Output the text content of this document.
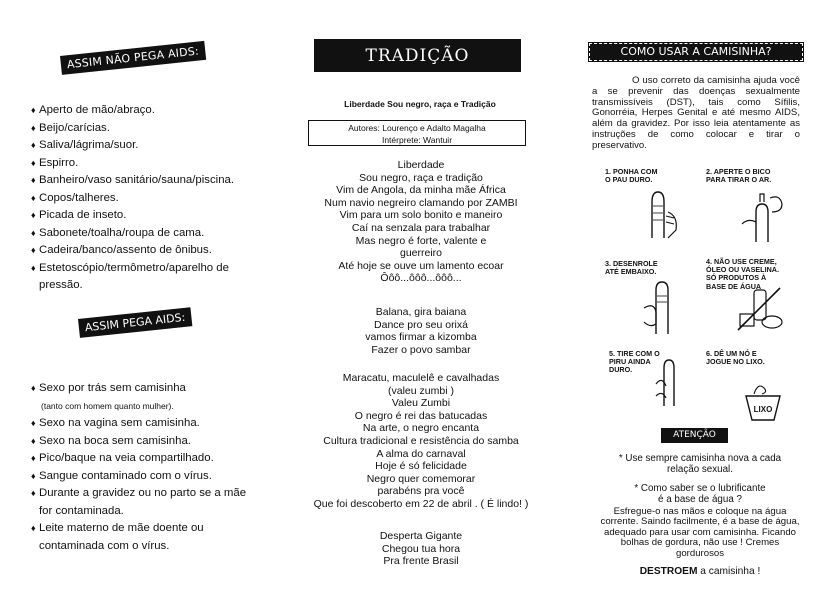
ASSIM NÃO PEGA AIDS:
♦ Aperto de mão/abraço.
♦ Beijo/carícias.
♦ Saliva/lágrima/suor.
♦ Espirro.
♦ Banheiro/vaso sanitário/sauna/piscina.
♦ Copos/talheres.
♦ Picada de inseto.
♦ Sabonete/toalha/roupa de cama.
♦ Cadeira/banco/assento de ônibus.
♦ Estetoscópio/termômetro/aparelho de
pressão.
ASSIM PEGA AIDS:
♦ Sexo por trás sem camisinha
(tanto com homem quanto mulher).
♦ Sexo na vagina sem camisinha.
♦ Sexo na boca sem camisinha.
♦ Pico/baque na veia compartilhado.
♦ Sangue contaminado com o vírus.
♦ Durante a gravidez ou no parto se a mãe
for contaminada.
♦ Leite materno de mãe doente ou
contaminada com o vírus.
TRADIÇÃO
Liberdade Sou negro, raça e Tradição
Autores: Lourenço e Adalto Magalha
Intérprete: Wantuir
Liberdade
Sou negro, raça e tradição
Vim de Angola, da minha mãe África
Num navio negreiro clamando por ZAMBI
Vim para um solo bonito e maneiro
Caí na senzala para trabalhar
Mas negro é forte, valente e
guerreiro
Até hoje se ouve um lamento ecoar
Ôôô...ôôô...ôôô...
Balana, gira baiana
Dance pro seu orixá
vamos firmar a kizomba
Fazer o povo sambar
Maracatu, maculelê e cavalhadas
(valeu zumbi )
Valeu Zumbi
O negro é rei das batucadas
Na arte, o negro encanta
Cultura tradicional e resistência do samba
A alma do carnaval
Hoje é só felicidade
Negro quer comemorar
parabéns pra você
Que foi descoberto em 22 de abril . ( É lindo! )
Desperta Gigante
Chegou tua hora
Pra frente Brasil
COMO USAR A CAMISINHA?
O uso correto da camisinha ajuda você a se prevenir das doenças sexualmente transmissíveis (DST), tais como Sífilis, Gonorréia, Herpes Genital e até mesmo AIDS, além da gravidez. Por isso leia atentamente as instruções de como colocar e tirar o preservativo.
1. PONHA COM O PAU DURO.
2. APERTE O BICO PARA TIRAR O AR.
3. DESENROLE ATÉ EMBAIXO.
4. NÃO USE CREME, ÓLEO OU VASELINA. SÓ PRODUTOS À BASE DE ÁGUA
5. TIRE COM O PIRU AINDA DURO.
6. DÊ UM NÓ E JOGUE NO LIXO.
LIXO
ATENÇÃO
* Use sempre camisinha nova a cada relação sexual.
* Como saber se o lubrificante
é a base de água ?
Esfregue-o nas mãos e coloque na água corrente. Saindo facilmente, é a base de água, adequado para usar com camisinha. Ficando bolhas de gordura, não use ! Cremes gordurosos
DESTROEM a camisinha !
